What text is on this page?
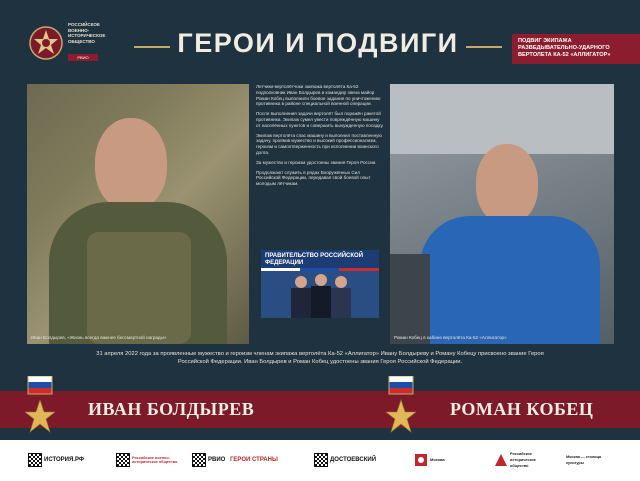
РОССИЙСКОЕ ВОЕННО-ИСТОРИЧЕСКОЕ ОБЩЕСТВО
РВИО	ГЕРОИ И ПОДВИГИ	ПОДВИГ ЭКИПАЖА РАЗВЕДЫВАТЕЛЬНО-УДАРНОГО ВЕРТОЛЕТА КА-52 «АЛЛИГАТОР»
Иван Болдырев, «Жизнь всегда важнее бессмертной награды»

Летчики-вертолётчики экипажа вертолёта Ка-52 подполковник Иван Болдырев и командир звена майор Роман Кобец выполнили боевое задание по уничтожению противника в районе специальной военной операции.

После выполнения задачи вертолёт был поражён ракетой противника. Экипаж сумел увести повреждённую машину от населённых пунктов и совершить вынужденную посадку.

Экипаж вертолёта спас машину и выполнил поставленную задачу, проявив мужество и высокий профессионализм, героизм и самоотверженность при исполнении воинского долга.

За мужество и героизм удостоены звания Героя России.

Продолжают служить в рядах Вооружённых Сил Российской Федерации, передавая свой боевой опыт молодым лётчикам.

ПРАВИТЕЛЬСТВО РОССИЙСКОЙ ФЕДЕРАЦИИ
Роман Кобец в кабине вертолёта Ка-52 «Аллигатор»
31 апреля 2022 года за проявленные мужество и героизм членам экипажа вертолёта Ка-52 «Аллигатор» Ивану Болдыреву и Роману Кобецу присвоено звание Героя Российской Федерации. Иван Болдырев и Роман Кобец удостоены звания Героя Российской Федерации.
ИВАН БОЛДЫРЕВ	РОМАН КОБЕЦ
ИСТОРИЯ.РФ	Российское военно-историческое общество	РВИО ГЕРОИ СТРАНЫ	ДОСТОЕВСКИЙ	Москва
Российское историческое общество
Москва — столица культуры
